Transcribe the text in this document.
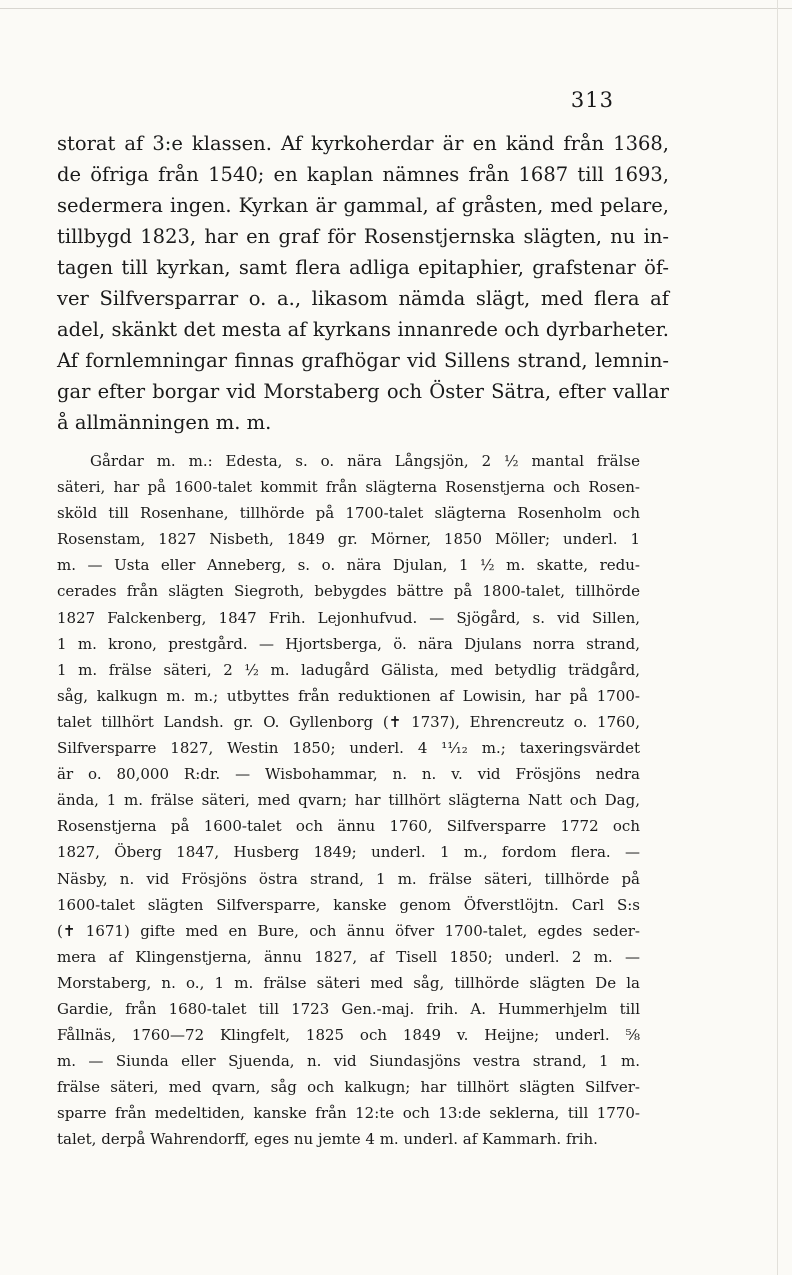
313
storat af 3:e klassen. Af kyrkoherdar är en känd från 1368,
de öfriga från 1540; en kaplan nämnes från 1687 till 1693,
sedermera ingen. Kyrkan är gammal, af gråsten, med pelare,
tillbygd 1823, har en graf för Rosenstjernska slägten, nu in-
tagen till kyrkan, samt flera adliga epitaphier, grafstenar öf-
ver Silfversparrar o. a., likasom nämda slägt, med flera af
adel, skänkt det mesta af kyrkans innanrede och dyrbarheter.
Af fornlemningar finnas grafhögar vid Sillens strand, lemnin-
gar efter borgar vid Morstaberg och Öster Sätra, efter vallar
å allmänningen m. m.
Gårdar m. m.: Edesta, s. o. nära Långsjön, 2 ½ mantal frälse
säteri, har på 1600-talet kommit från slägterna Rosenstjerna och Rosen-
sköld till Rosenhane, tillhörde på 1700-talet slägterna Rosenholm och
Rosenstam, 1827 Nisbeth, 1849 gr. Mörner, 1850 Möller; underl. 1
m. — Usta eller Anneberg, s. o. nära Djulan, 1 ½ m. skatte, redu-
cerades från slägten Siegroth, bebygdes bättre på 1800-talet, tillhörde
1827 Falckenberg, 1847 Frih. Lejonhufvud. — Sjögård, s. vid Sillen,
1 m. krono, prestgård. — Hjortsberga, ö. nära Djulans norra strand,
1 m. frälse säteri, 2 ½ m. ladugård Gälista, med betydlig trädgård,
såg, kalkugn m. m.; utbyttes från reduktionen af Lowisin, har på 1700-
talet tillhört Landsh. gr. O. Gyllenborg (✝ 1737), Ehrencreutz o. 1760,
Silfversparre 1827, Westin 1850; underl. 4 ¹¹⁄₁₂ m.; taxeringsvärdet
är o. 80,000 R:dr. — Wisbohammar, n. n. v. vid Frösjöns nedra
ända, 1 m. frälse säteri, med qvarn; har tillhört slägterna Natt och Dag,
Rosenstjerna på 1600-talet och ännu 1760, Silfversparre 1772 och
1827, Öberg 1847, Husberg 1849; underl. 1 m., fordom flera. —
Näsby, n. vid Frösjöns östra strand, 1 m. frälse säteri, tillhörde på
1600-talet slägten Silfversparre, kanske genom Öfverstlöjtn. Carl S:s
(✝ 1671) gifte med en Bure, och ännu öfver 1700-talet, egdes seder-
mera af Klingenstjerna, ännu 1827, af Tisell 1850; underl. 2 m. —
Morstaberg, n. o., 1 m. frälse säteri med såg, tillhörde slägten De la
Gardie, från 1680-talet till 1723 Gen.-maj. frih. A. Hummerhjelm till
Fållnäs, 1760—72 Klingfelt, 1825 och 1849 v. Heijne; underl. ⅝
m. — Siunda eller Sjuenda, n. vid Siundasjöns vestra strand, 1 m.
frälse säteri, med qvarn, såg och kalkugn; har tillhört slägten Silfver-
sparre från medeltiden, kanske från 12:te och 13:de seklerna, till 1770-
talet, derpå Wahrendorff, eges nu jemte 4 m. underl. af Kammarh. frih.
